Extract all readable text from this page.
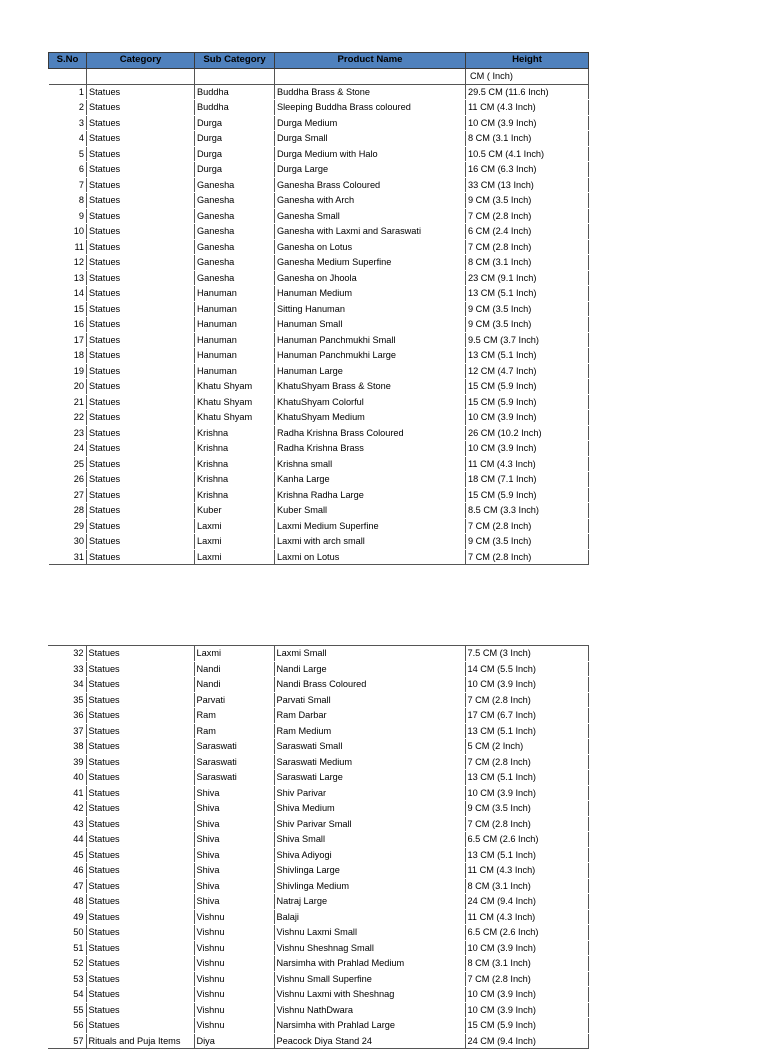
S.No	Category	Sub Category	Product Name	Height
				CM ( Inch)
1	Statues	Buddha	Buddha Brass & Stone	29.5 CM (11.6 Inch)
2	Statues	Buddha	Sleeping Buddha Brass coloured	11 CM (4.3 Inch)
3	Statues	Durga	Durga Medium	10 CM (3.9 Inch)
4	Statues	Durga	Durga Small	8 CM (3.1 Inch)
5	Statues	Durga	Durga Medium with Halo	10.5 CM (4.1 Inch)
6	Statues	Durga	Durga Large	16 CM (6.3 Inch)
7	Statues	Ganesha	Ganesha Brass Coloured	33 CM (13 Inch)
8	Statues	Ganesha	Ganesha with Arch	9 CM (3.5 Inch)
9	Statues	Ganesha	Ganesha Small	7 CM (2.8 Inch)
10	Statues	Ganesha	Ganesha with Laxmi and Saraswati	6 CM (2.4 Inch)
11	Statues	Ganesha	Ganesha on Lotus	7 CM (2.8 Inch)
12	Statues	Ganesha	Ganesha Medium Superfine	8 CM (3.1 Inch)
13	Statues	Ganesha	Ganesha on Jhoola	23 CM (9.1 Inch)
14	Statues	Hanuman	Hanuman Medium	13 CM (5.1 Inch)
15	Statues	Hanuman	Sitting Hanuman	9 CM (3.5 Inch)
16	Statues	Hanuman	Hanuman Small	9 CM (3.5 Inch)
17	Statues	Hanuman	Hanuman Panchmukhi Small	9.5 CM (3.7 Inch)
18	Statues	Hanuman	Hanuman Panchmukhi Large	13 CM (5.1 Inch)
19	Statues	Hanuman	Hanuman Large	12 CM (4.7 Inch)
20	Statues	Khatu Shyam	KhatuShyam Brass & Stone	15 CM (5.9 Inch)
21	Statues	Khatu Shyam	KhatuShyam Colorful	15 CM (5.9 Inch)
22	Statues	Khatu Shyam	KhatuShyam Medium	10 CM (3.9 Inch)
23	Statues	Krishna	Radha Krishna Brass Coloured	26 CM (10.2 Inch)
24	Statues	Krishna	Radha Krishna Brass	10 CM (3.9 Inch)
25	Statues	Krishna	Krishna small	11 CM (4.3 Inch)
26	Statues	Krishna	Kanha Large	18 CM (7.1 Inch)
27	Statues	Krishna	Krishna Radha Large	15 CM (5.9 Inch)
28	Statues	Kuber	Kuber Small	8.5 CM (3.3 Inch)
29	Statues	Laxmi	Laxmi Medium Superfine	7 CM (2.8 Inch)
30	Statues	Laxmi	Laxmi with arch small	9 CM (3.5 Inch)
31	Statues	Laxmi	Laxmi on Lotus	7 CM (2.8 Inch)
32	Statues	Laxmi	Laxmi Small	7.5 CM (3 Inch)
33	Statues	Nandi	Nandi Large	14 CM (5.5 Inch)
34	Statues	Nandi	Nandi Brass Coloured	10 CM (3.9 Inch)
35	Statues	Parvati	Parvati Small	7 CM (2.8 Inch)
36	Statues	Ram	Ram Darbar	17 CM (6.7 Inch)
37	Statues	Ram	Ram Medium	13 CM (5.1 Inch)
38	Statues	Saraswati	Saraswati Small	5 CM (2 Inch)
39	Statues	Saraswati	Saraswati Medium	7 CM (2.8 Inch)
40	Statues	Saraswati	Saraswati Large	13 CM (5.1 Inch)
41	Statues	Shiva	Shiv Parivar	10 CM (3.9 Inch)
42	Statues	Shiva	Shiva Medium	9 CM (3.5 Inch)
43	Statues	Shiva	Shiv Parivar Small	7 CM (2.8 Inch)
44	Statues	Shiva	Shiva Small	6.5 CM (2.6 Inch)
45	Statues	Shiva	Shiva Adiyogi	13 CM (5.1 Inch)
46	Statues	Shiva	Shivlinga Large	11 CM (4.3 Inch)
47	Statues	Shiva	Shivlinga Medium	8 CM (3.1 Inch)
48	Statues	Shiva	Natraj Large	24 CM (9.4 Inch)
49	Statues	Vishnu	Balaji	11 CM (4.3 Inch)
50	Statues	Vishnu	Vishnu Laxmi Small	6.5 CM (2.6 Inch)
51	Statues	Vishnu	Vishnu Sheshnag Small	10 CM (3.9 Inch)
52	Statues	Vishnu	Narsimha with Prahlad Medium	8 CM (3.1 Inch)
53	Statues	Vishnu	Vishnu Small Superfine	7 CM (2.8 Inch)
54	Statues	Vishnu	Vishnu Laxmi with Sheshnag	10 CM (3.9 Inch)
55	Statues	Vishnu	Vishnu NathDwara	10 CM (3.9 Inch)
56	Statues	Vishnu	Narsimha with Prahlad Large	15 CM (5.9 Inch)
57	Rituals and Puja Items	Diya	Peacock Diya Stand 24	24 CM (9.4 Inch)
